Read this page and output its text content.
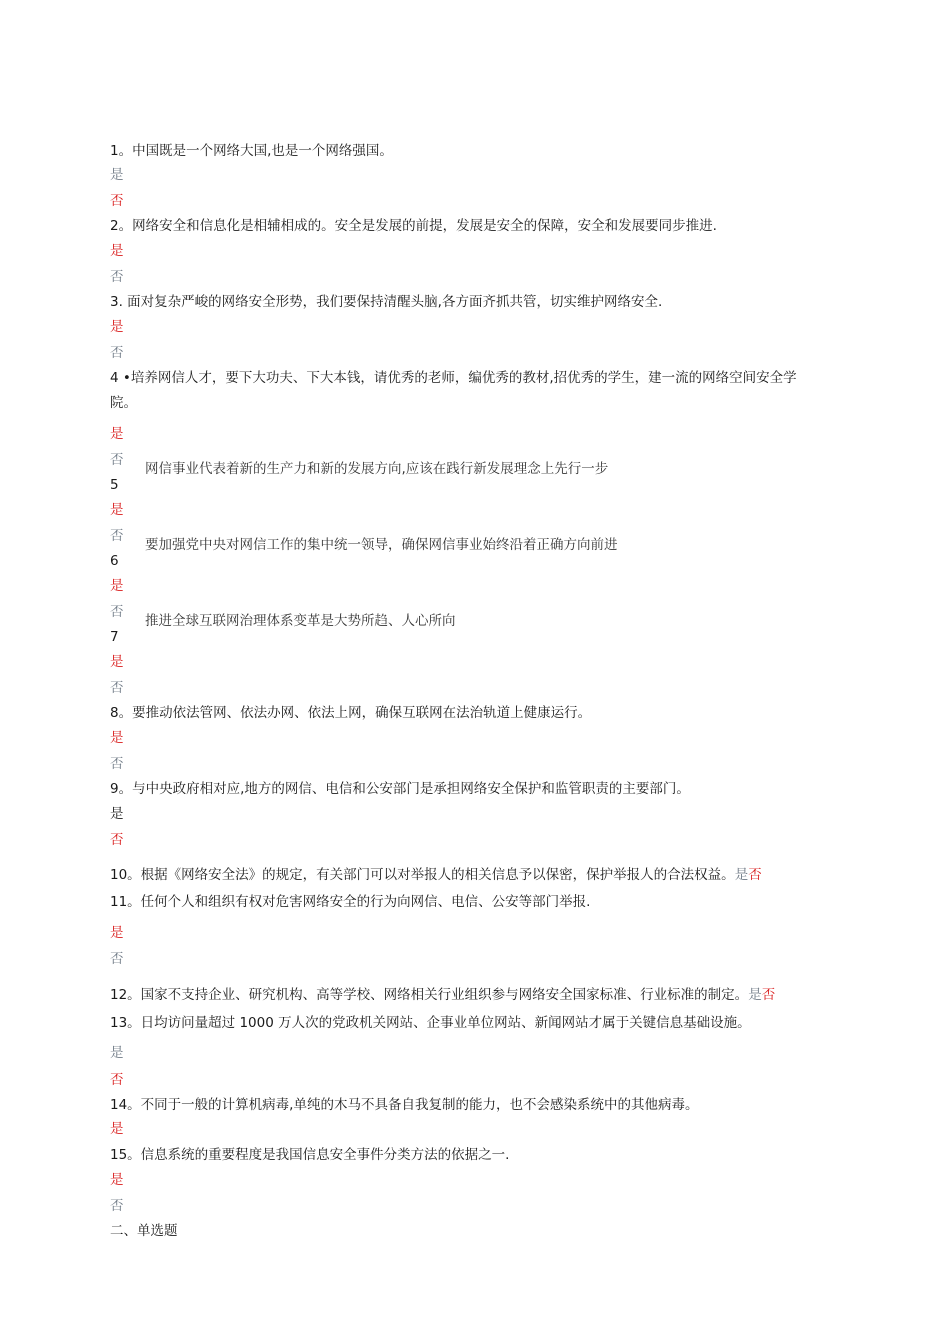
1。中国既是一个网络大国,也是一个网络强国。
是
否
2。网络安全和信息化是相辅相成的。安全是发展的前提，发展是安全的保障，安全和发展要同步推进.
是
否
3. 面对复杂严峻的网络安全形势，我们要保持清醒头脑,各方面齐抓共管，切实维护网络安全.
是
否
4 •培养网信人才，要下大功夫、下大本钱，请优秀的老师，编优秀的教材,招优秀的学生，建一流的网络空间安全学
院。
是
否
网信事业代表着新的生产力和新的发展方向,应该在践行新发展理念上先行一步
5
是
否
要加强党中央对网信工作的集中统一领导，确保网信事业始终沿着正确方向前进
6
是
否
推进全球互联网治理体系变革是大势所趋、人心所向
7
是
否
8。要推动依法管网、依法办网、依法上网，确保互联网在法治轨道上健康运行。
是
否
9。与中央政府相对应,地方的网信、电信和公安部门是承担网络安全保护和监管职责的主要部门。
是
否
10。根据《网络安全法》的规定，有关部门可以对举报人的相关信息予以保密，保护举报人的合法权益。是否
11。任何个人和组织有权对危害网络安全的行为向网信、电信、公安等部门举报.
是
否
12。国家不支持企业、研究机构、高等学校、网络相关行业组织参与网络安全国家标准、行业标准的制定。是否
13。日均访问量超过 1000 万人次的党政机关网站、企事业单位网站、新闻网站才属于关键信息基础设施。
是
否
14。不同于一般的计算机病毒,单纯的木马不具备自我复制的能力，也不会感染系统中的其他病毒。
是
15。信息系统的重要程度是我国信息安全事件分类方法的依据之一.
是
否
二、单选题
